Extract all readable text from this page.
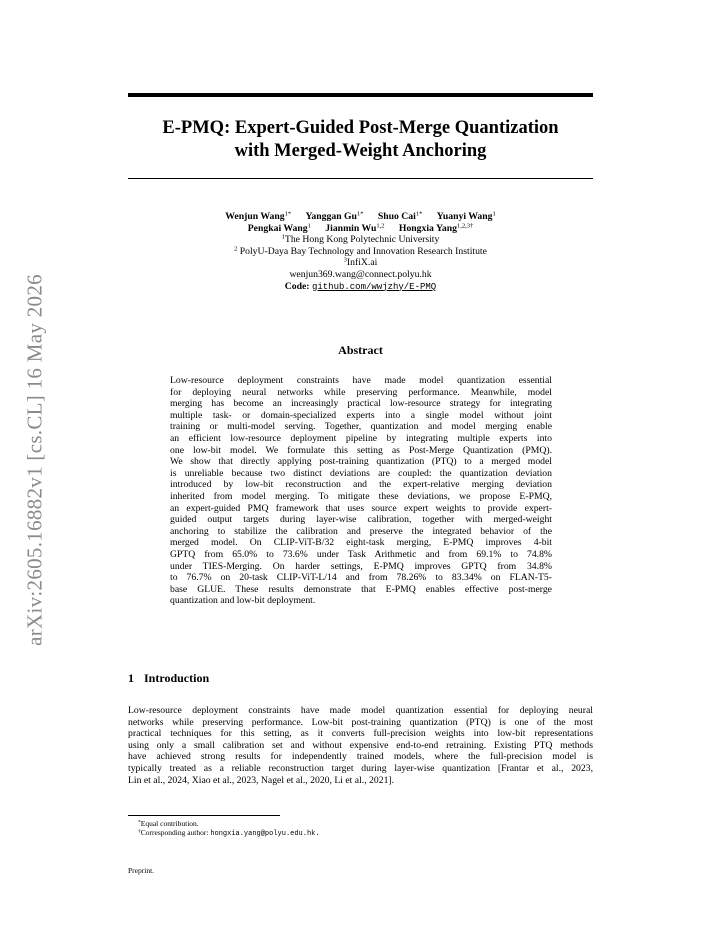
arXiv:2605.16882v1 [cs.CL] 16 May 2026
E-PMQ: Expert-Guided Post-Merge Quantization
with Merged-Weight Anchoring
Wenjun Wang$^{1*}$ Yanggan $Gu^{1*}$ Shuo Cai$^{1*}$ Yuanyi Wang$^1$
Pengkai Wang$^1$ Jianmin Wu$^{1,2}$ Hongxia Yang$^{1,2,3\dagger}$
$^1$The Hong Kong Polytechnic University
$^2$ PolyU-Daya Bay Technology and Innovation Research Institute
$^3$InfiX.ai
wenjun369.wang@connect.polyu.hk
Code: github.com/wwjzhy/E-PMQ
Abstract
Low-resource deployment constraints have made model quantization essential
for deploying neural networks while preserving performance. Meanwhile, model
merging has become an increasingly practical low-resource strategy for integrating
multiple task- or domain-specialized experts into a single model without joint
training or multi-model serving. Together, quantization and model merging enable
an efficient low-resource deployment pipeline by integrating multiple experts into
one low-bit model. We formulate this setting as Post-Merge Quantization (PMQ).
We show that directly applying post-training quantization (PTQ) to a merged model
is unreliable because two distinct deviations are coupled: the quantization deviation
introduced by low-bit reconstruction and the expert-relative merging deviation
inherited from model merging. To mitigate these deviations, we propose E-PMQ,
an expert-guided PMQ framework that uses source expert weights to provide expert-
guided output targets during layer-wise calibration, together with merged-weight
anchoring to stabilize the calibration and preserve the integrated behavior of the
merged model. On CLIP-ViT-B/32 eight-task merging, E-PMQ improves 4-bit
GPTQ from 65.0% to 73.6% under Task Arithmetic and from 69.1% to 74.8%
under TIES-Merging. On harder settings, E-PMQ improves GPTQ from 34.8%
to 76.7% on 20-task CLIP-ViT-L/14 and from 78.26% to 83.34% on FLAN-T5-
base GLUE. These results demonstrate that E-PMQ enables effective post-merge
quantization and low-bit deployment.
1 Introduction
Low-resource deployment constraints have made model quantization essential for deploying neural
networks while preserving performance. Low-bit post-training quantization (PTQ) is one of the most
practical techniques for this setting, as it converts full-precision weights into low-bit representations
using only a small calibration set and without expensive end-to-end retraining. Existing PTQ methods
have achieved strong results for independently trained models, where the full-precision model is
typically treated as a reliable reconstruction target during layer-wise quantization [Frantar et al., 2023,
Lin et al., 2024, Xiao et al., 2023, Nagel et al., 2020, Li et al., 2021].
*Equal contribution.
†Corresponding author: hongxia.yang@polyu.edu.hk.
Preprint.
